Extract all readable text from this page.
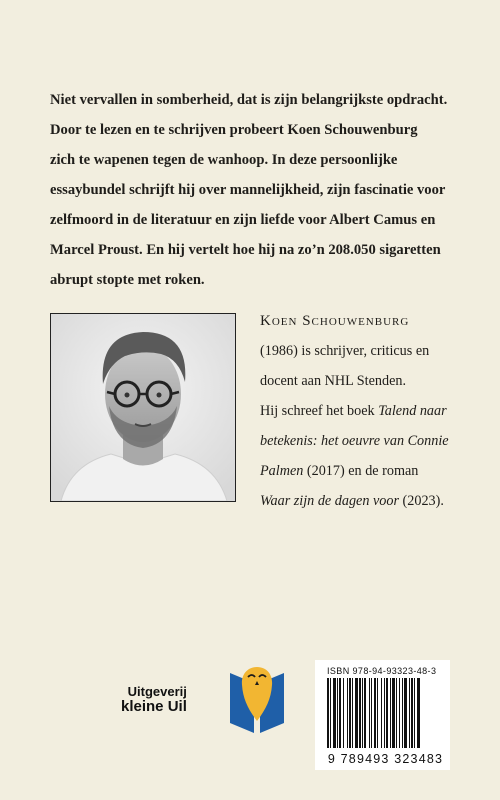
Niet vervallen in somberheid, dat is zijn belangrijkste opdracht.
Door te lezen en te schrijven probeert Koen Schouwenburg
zich te wapenen tegen de wanhoop. In deze persoonlijke
essaybundel schrijft hij over mannelijkheid, zijn fascinatie voor
zelfmoord in de literatuur en zijn liefde voor Albert Camus en
Marcel Proust. En hij vertelt hoe hij na zo’n 208.050 sigaretten
abrupt stopte met roken.
Koen Schouwenburg
(1986) is schrijver, criticus en
docent aan NHL Stenden.
Hij schreef het boek Talend naar
betekenis: het oeuvre van Connie
Palmen (2017) en de roman
Waar zijn de dagen voor (2023).
Uitgeverij
kleine Uil
ISBN 978-94-93323-48-3
9 789493 323483
